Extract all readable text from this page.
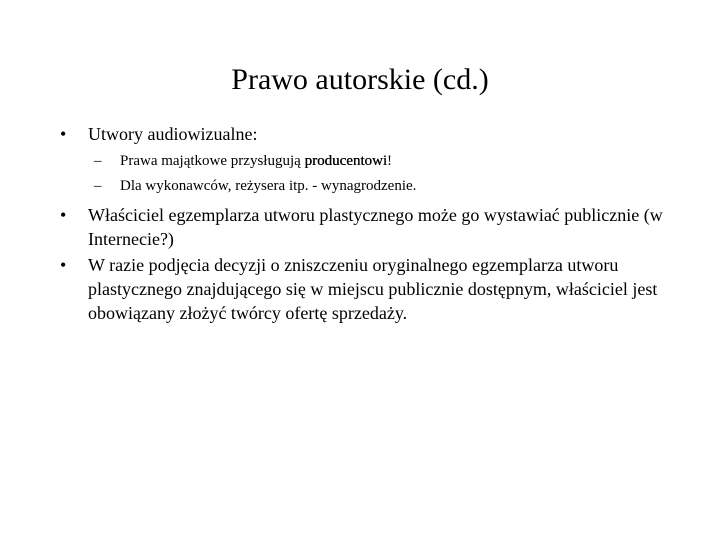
Prawo autorskie (cd.)
• Utwory audiowizualne:
– Prawa majątkowe przysługują producentowi!
– Dla wykonawców, reżysera itp. - wynagrodzenie.
• Właściciel egzemplarza utworu plastycznego może go wystawiać publicznie (w Internecie?)
• W razie podjęcia decyzji o zniszczeniu oryginalnego egzemplarza utworu plastycznego znajdującego się w miejscu publicznie dostępnym, właściciel jest obowiązany złożyć twórcy ofertę sprzedaży.
